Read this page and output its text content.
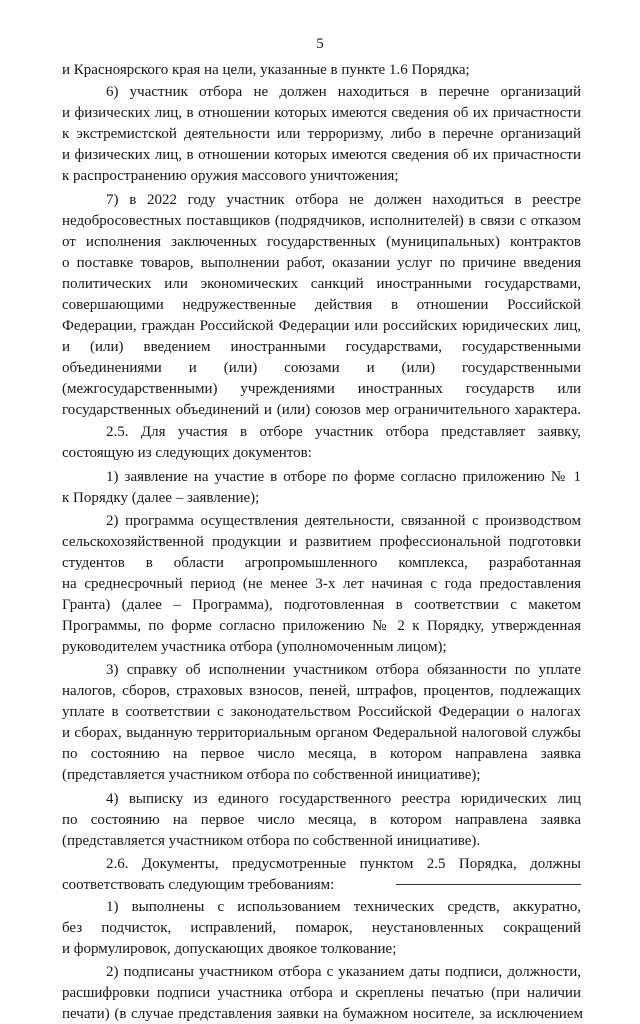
5
и Красноярского края на цели, указанные в пункте 1.6 Порядка;
6) участник отбора не должен находиться в перечне организаций
и физических лиц, в отношении которых имеются сведения об их причастности
к экстремистской деятельности или терроризму, либо в перечне организаций
и физических лиц, в отношении которых имеются сведения об их причастности
к распространению оружия массового уничтожения;
7) в 2022 году участник отбора не должен находиться в реестре
недобросовестных поставщиков (подрядчиков, исполнителей) в связи с отказом
от исполнения заключенных государственных (муниципальных) контрактов
о поставке товаров, выполнении работ, оказании услуг по причине введения
политических или экономических санкций иностранными государствами,
совершающими недружественные действия в отношении Российской
Федерации, граждан Российской Федерации или российских юридических лиц,
и (или) введением иностранными государствами, государственными
объединениями и (или) союзами и (или) государственными
(межгосударственными) учреждениями иностранных государств или
государственных объединений и (или) союзов мер ограничительного характера.
2.5. Для участия в отборе участник отбора представляет заявку,
состоящую из следующих документов:
1) заявление на участие в отборе по форме согласно приложению № 1
к Порядку (далее – заявление);
2) программа осуществления деятельности, связанной с производством
сельскохозяйственной продукции и развитием профессиональной подготовки
студентов в области агропромышленного комплекса, разработанная
на среднесрочный период (не менее 3-х лет начиная с года предоставления
Гранта) (далее – Программа), подготовленная в соответствии с макетом
Программы, по форме согласно приложению № 2 к Порядку, утвержденная
руководителем участника отбора (уполномоченным лицом);
3) справку об исполнении участником отбора обязанности по уплате
налогов, сборов, страховых взносов, пеней, штрафов, процентов, подлежащих
уплате в соответствии с законодательством Российской Федерации о налогах
и сборах, выданную территориальным органом Федеральной налоговой службы
по состоянию на первое число месяца, в котором направлена заявка
(представляется участником отбора по собственной инициативе);
4) выписку из единого государственного реестра юридических лиц
по состоянию на первое число месяца, в котором направлена заявка
(представляется участником отбора по собственной инициативе).
2.6. Документы, предусмотренные пунктом 2.5 Порядка, должны
соответствовать следующим требованиям:
1) выполнены с использованием технических средств, аккуратно,
без подчисток, исправлений, помарок, неустановленных сокращений
и формулировок, допускающих двоякое толкование;
2) подписаны участником отбора с указанием даты подписи, должности,
расшифровки подписи участника отбора и скреплены печатью (при наличии
печати) (в случае представления заявки на бумажном носителе, за исключением
